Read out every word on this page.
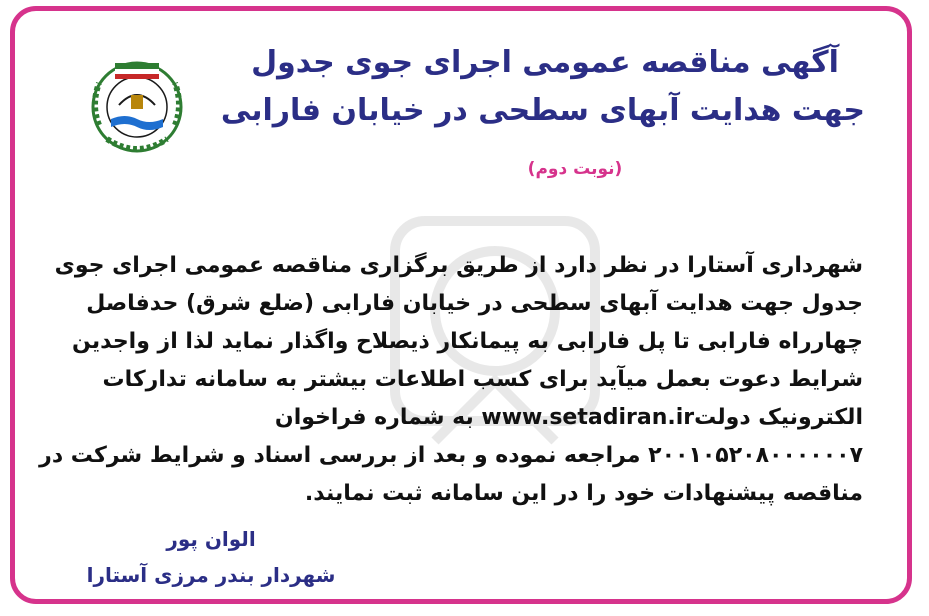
آگهی مناقصه عمومی اجرای جوی جدول
جهت هدایت آبهای سطحی در خیابان فارابی
(نوبت دوم)
شهرداری آستارا در نظر دارد از طریق برگزاری مناقصه عمومی اجرای جوی
جدول جهت هدایت آبهای سطحی در خیابان فارابی (ضلع شرق) حدفاصل
چهارراه فارابی تا پل فارابی به پیمانکار ذیصلاح واگذار نماید لذا از واجدین
شرایط دعوت بعمل میآید برای کسب اطلاعات بیشتر به سامانه تدارکات
الکترونیک دولتwww.setadiran.ir به شماره فراخوان
۲۰۰۱۰۵۲۰۸۰۰۰۰۰۰۷ مراجعه نموده و بعد از بررسی اسناد و شرایط شرکت در
مناقصه پیشنهادات خود را در این سامانه ثبت نمایند.
الوان پور
شهردار بندر مرزی آستارا
